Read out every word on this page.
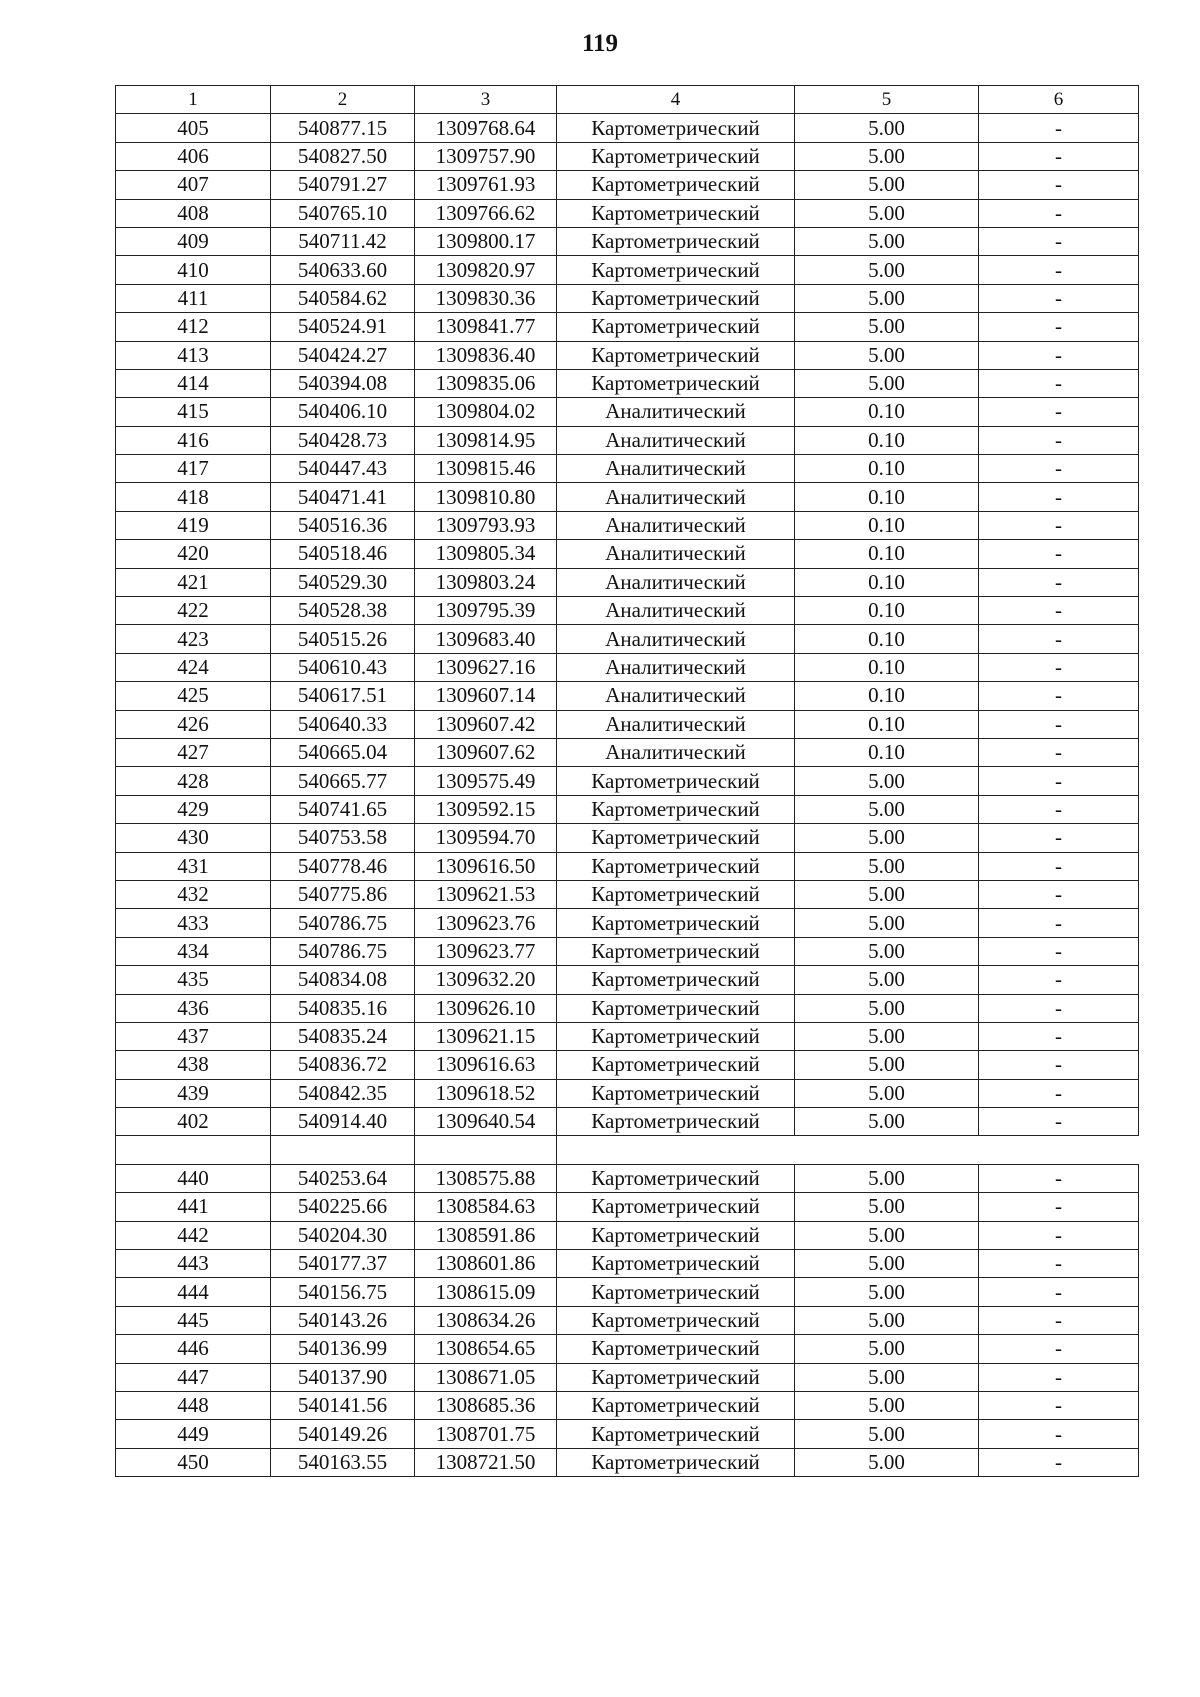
119
1	2	3	4	5	6
405	540877.15	1309768.64	Картометрический	5.00	-
406	540827.50	1309757.90	Картометрический	5.00	-
407	540791.27	1309761.93	Картометрический	5.00	-
408	540765.10	1309766.62	Картометрический	5.00	-
409	540711.42	1309800.17	Картометрический	5.00	-
410	540633.60	1309820.97	Картометрический	5.00	-
411	540584.62	1309830.36	Картометрический	5.00	-
412	540524.91	1309841.77	Картометрический	5.00	-
413	540424.27	1309836.40	Картометрический	5.00	-
414	540394.08	1309835.06	Картометрический	5.00	-
415	540406.10	1309804.02	Аналитический	0.10	-
416	540428.73	1309814.95	Аналитический	0.10	-
417	540447.43	1309815.46	Аналитический	0.10	-
418	540471.41	1309810.80	Аналитический	0.10	-
419	540516.36	1309793.93	Аналитический	0.10	-
420	540518.46	1309805.34	Аналитический	0.10	-
421	540529.30	1309803.24	Аналитический	0.10	-
422	540528.38	1309795.39	Аналитический	0.10	-
423	540515.26	1309683.40	Аналитический	0.10	-
424	540610.43	1309627.16	Аналитический	0.10	-
425	540617.51	1309607.14	Аналитический	0.10	-
426	540640.33	1309607.42	Аналитический	0.10	-
427	540665.04	1309607.62	Аналитический	0.10	-
428	540665.77	1309575.49	Картометрический	5.00	-
429	540741.65	1309592.15	Картометрический	5.00	-
430	540753.58	1309594.70	Картометрический	5.00	-
431	540778.46	1309616.50	Картометрический	5.00	-
432	540775.86	1309621.53	Картометрический	5.00	-
433	540786.75	1309623.76	Картометрический	5.00	-
434	540786.75	1309623.77	Картометрический	5.00	-
435	540834.08	1309632.20	Картометрический	5.00	-
436	540835.16	1309626.10	Картометрический	5.00	-
437	540835.24	1309621.15	Картометрический	5.00	-
438	540836.72	1309616.63	Картометрический	5.00	-
439	540842.35	1309618.52	Картометрический	5.00	-
402	540914.40	1309640.54	Картометрический	5.00	-

440	540253.64	1308575.88	Картометрический	5.00	-
441	540225.66	1308584.63	Картометрический	5.00	-
442	540204.30	1308591.86	Картометрический	5.00	-
443	540177.37	1308601.86	Картометрический	5.00	-
444	540156.75	1308615.09	Картометрический	5.00	-
445	540143.26	1308634.26	Картометрический	5.00	-
446	540136.99	1308654.65	Картометрический	5.00	-
447	540137.90	1308671.05	Картометрический	5.00	-
448	540141.56	1308685.36	Картометрический	5.00	-
449	540149.26	1308701.75	Картометрический	5.00	-
450	540163.55	1308721.50	Картометрический	5.00	-
